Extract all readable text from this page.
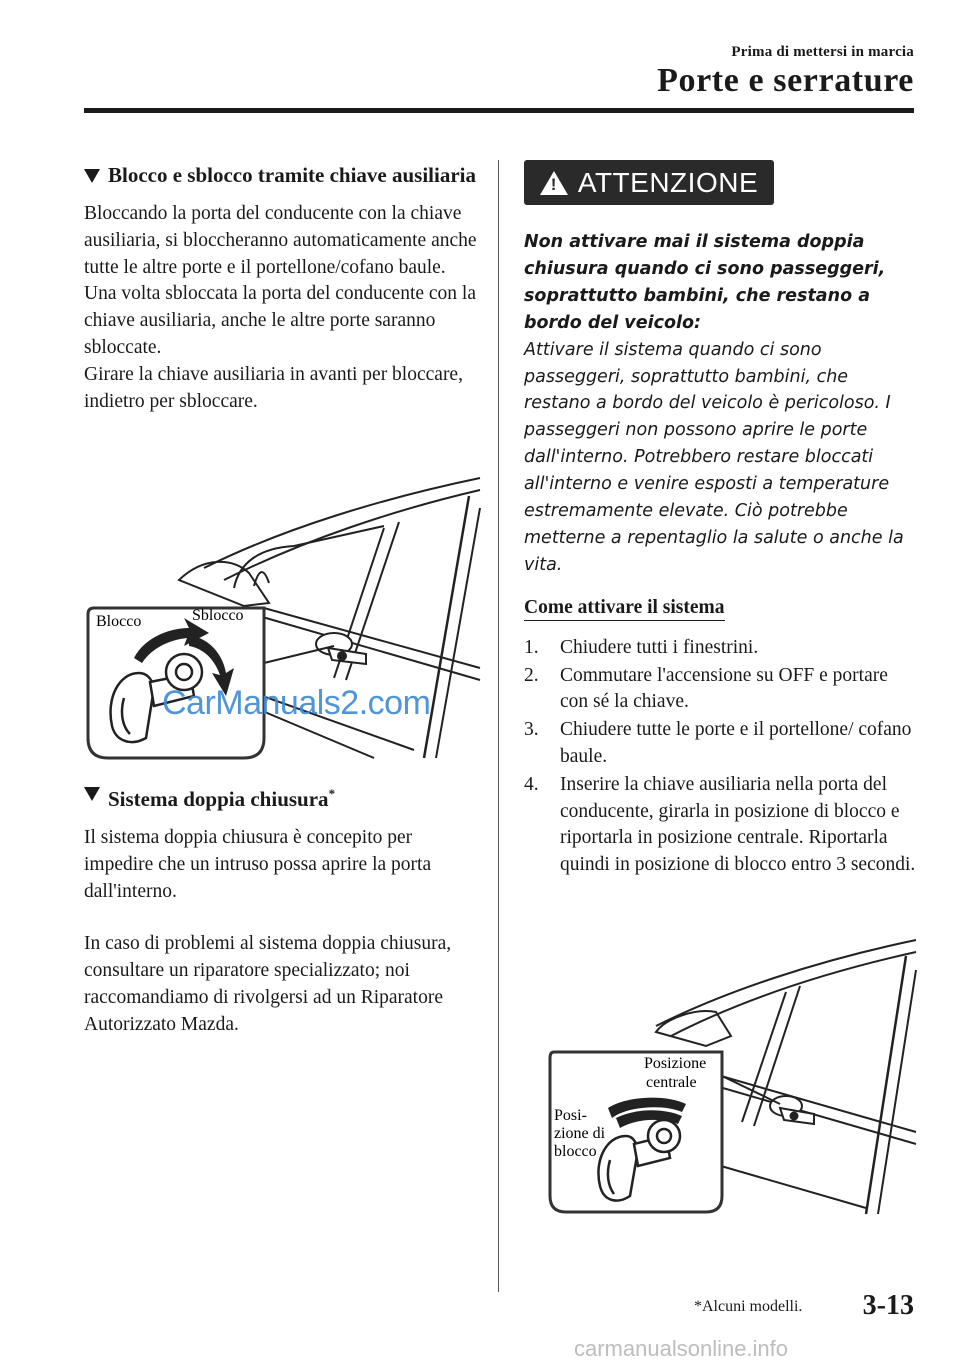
Prima di mettersi in marcia
Porte e serrature
Blocco e sblocco tramite chiave ausiliaria

Bloccando la porta del conducente con la chiave ausiliaria, si bloccheranno automaticamente anche tutte le altre porte e il portellone/cofano baule. Una volta sbloccata la porta del conducente con la chiave ausiliaria, anche le altre porte saranno sbloccate.

Girare la chiave ausiliaria in avanti per bloccare, indietro per sbloccare.

Blocco	Sblocco
CarManuals2.com
Sistema doppia chiusura*

Il sistema doppia chiusura è concepito per impedire che un intruso possa aprire la porta dall'interno.

In caso di problemi al sistema doppia chiusura, consultare un riparatore specializzato; noi raccomandiamo di rivolgersi ad un Riparatore Autorizzato Mazda.

! ATTENZIONE
Non attivare mai il sistema doppia chiusura quando ci sono passeggeri, soprattutto bambini, che restano a bordo del veicolo:
Attivare il sistema quando ci sono passeggeri, soprattutto bambini, che restano a bordo del veicolo è pericoloso. I passeggeri non possono aprire le porte dall'interno. Potrebbero restare bloccati all'interno e venire esposti a temperature estremamente elevate. Ciò potrebbe metterne a repentaglio la salute o anche la vita.
Come attivare il sistema
1. Chiudere tutti i finestrini.
2. Commutare l'accensione su OFF e portare con sé la chiave.
3. Chiudere tutte le porte e il portellone/ cofano baule.
4. Inserire la chiave ausiliaria nella porta del conducente, girarla in posizione di blocco e riportarla in posizione centrale. Riportarla quindi in posizione di blocco entro 3 secondi.
Posizione
centrale
Posi-
zione di
blocco
*Alcuni modelli. 3-13
carmanualsonline.info
